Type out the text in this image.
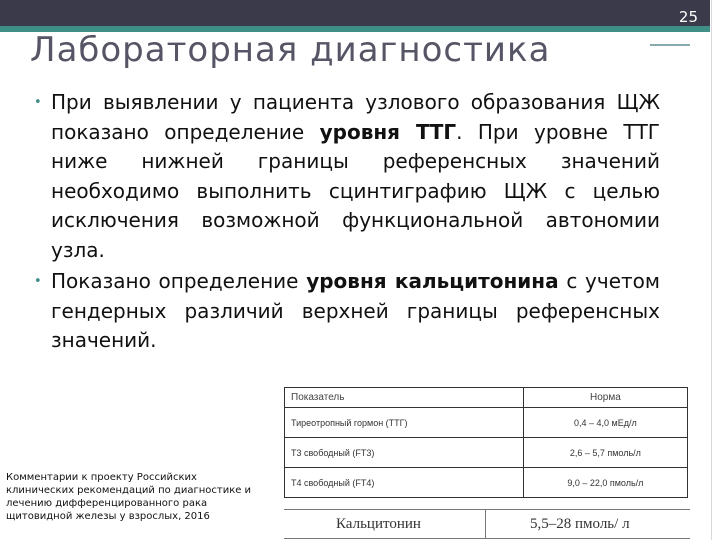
25
Лабораторная диагностика
• При выявлении у пациента узлового образования ЩЖ показано определение уровня ТТГ. При уровне ТТГ ниже нижней границы референсных значений необходимо выполнить сцинтиграфию ЩЖ с целью исключения возможной функциональной автономии узла.
• Показано определение уровня кальцитонина с учетом гендерных различий верхней границы референсных значений.
Показатель	Норма
Тиреотропный гормон (ТТГ)	0,4 – 4,0 мЕд/л
Т3 свободный (FT3)	2,6 – 5,7 пмоль/л
Т4 свободный (FT4)	9,0 – 22,0 пмоль/л
Кальцитонин	5,5–28 пмоль/ л
Комментарии к проекту Российских клинических рекомендаций по диагностике и лечению дифференцированного рака щитовидной железы у взрослых, 2016
